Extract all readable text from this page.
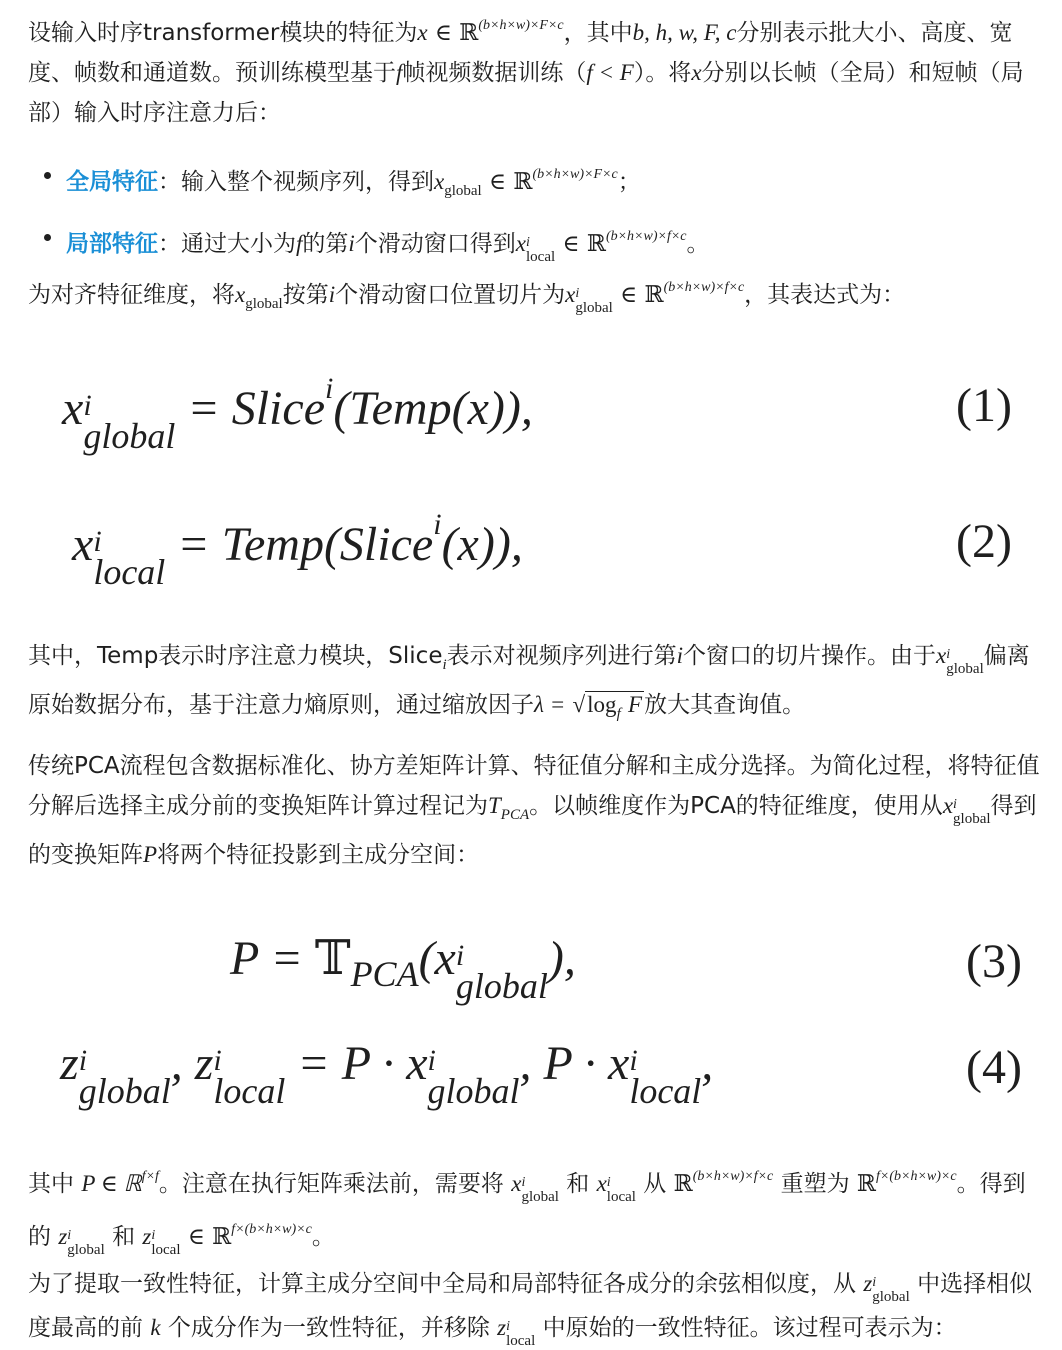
设输入时序transformer模块的特征为x ∈ ℝ$^{(b\times h\times w)\times F\times c}$，其中b, h, w, F, c分别表示批大小、高度、宽度、帧数和通道数。预训练模型基于f帧视频数据训练（f < F）。将x分别以长帧（全局）和短帧（局部）输入时序注意力后：

全局特征：输入整个视频序列，得到$x_{global}$ ∈ ℝ$^{(b\times h\times w)\times F\times c}$；
局部特征：通过大小为f的第i个滑动窗口得到x i
local
∈ ℝ$^{(b\times h\times w)\times f\times c}$。

为对齐特征维度，将$x_{global}$按第i个滑动窗口位置切片为x i
global
∈ ℝ$^{(b\times h\times w)\times f\times c}$，其表达式为：

x i
global
= Slice$^i$(Temp(x)),	(1)
x i
local
= Temp(Slice$^i$(x)),	(2)

其中，Temp表示时序注意力模块，Slice$_i$表示对视频序列进行第i个窗口的切片操作。由于x i
global 偏离原始数据分布，基于注意力熵原则，通过缩放因子$\lambda = √\log_f$ F放大其查询值。

传统PCA流程包含数据标准化、协方差矩阵计算、特征值分解和主成分选择。为简化过程，将特征值分解后选择主成分前的变换矩阵计算过程记为$T_{PCA}$。以帧维度作为PCA的特征维度，使用从x i
global 得到的变换矩阵P将两个特征投影到主成分空间：

P = 𝕋$_{PCA}$(x i
global
),	(3)
z i
global
, z i
local
= P · x i
global
, P · x i
local
,	(4)

其中 P ∈ ℝ$^{f\times f}$。注意在执行矩阵乘法前，需要将 x i
global 和 x i
local 从 ℝ$^{(b\times h\times w)\times f\times c}$ 重塑为 ℝ$^{f\times(b\times h\times w)\times c}$。得到的 z i
global 和 z i
local
∈ ℝ$^{f\times(b\times h\times w)\times c}$。

为了提取一致性特征，计算主成分空间中全局和局部特征各成分的余弦相似度，从 z i
global 中选择相似度最高的前 k 个成分作为一致性特征，并移除 z i
local 中原始的一致性特征。该过程可表示为：
